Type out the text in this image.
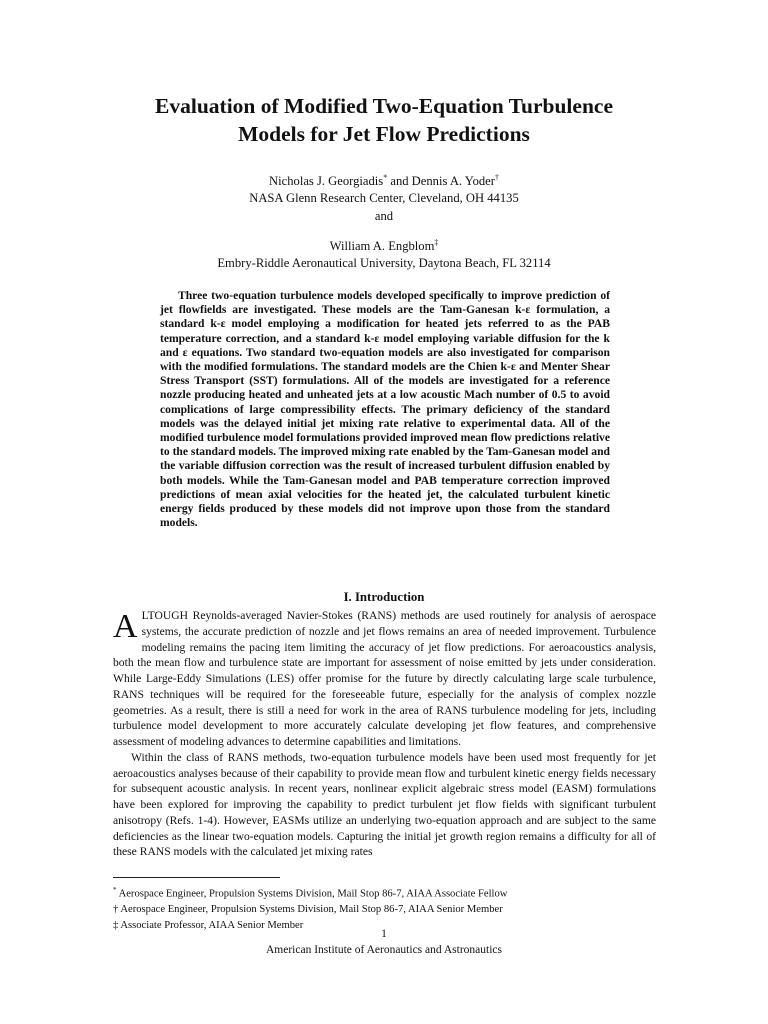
Evaluation of Modified Two-Equation Turbulence
Models for Jet Flow Predictions
Nicholas J. Georgiadis* and Dennis A. Yoder†
NASA Glenn Research Center, Cleveland, OH 44135
and
William A. Engblom‡
Embry-Riddle Aeronautical University, Daytona Beach, FL 32114
Three two-equation turbulence models developed specifically to improve prediction of jet flowfields are investigated. These models are the Tam-Ganesan k-ε formulation, a standard k-ε model employing a modification for heated jets referred to as the PAB temperature correction, and a standard k-ε model employing variable diffusion for the k and ε equations. Two standard two-equation models are also investigated for comparison with the modified formulations. The standard models are the Chien k-ε and Menter Shear Stress Transport (SST) formulations. All of the models are investigated for a reference nozzle producing heated and unheated jets at a low acoustic Mach number of 0.5 to avoid complications of large compressibility effects. The primary deficiency of the standard models was the delayed initial jet mixing rate relative to experimental data. All of the modified turbulence model formulations provided improved mean flow predictions relative to the standard models. The improved mixing rate enabled by the Tam-Ganesan model and the variable diffusion correction was the result of increased turbulent diffusion enabled by both models. While the Tam-Ganesan model and PAB temperature correction improved predictions of mean axial velocities for the heated jet, the calculated turbulent kinetic energy fields produced by these models did not improve upon those from the standard models.
I. Introduction

ALTOUGH Reynolds-averaged Navier-Stokes (RANS) methods are used routinely for analysis of aerospace systems, the accurate prediction of nozzle and jet flows remains an area of needed improvement. Turbulence modeling remains the pacing item limiting the accuracy of jet flow predictions. For aeroacoustics analysis, both the mean flow and turbulence state are important for assessment of noise emitted by jets under consideration. While Large-Eddy Simulations (LES) offer promise for the future by directly calculating large scale turbulence, RANS techniques will be required for the foreseeable future, especially for the analysis of complex nozzle geometries. As a result, there is still a need for work in the area of RANS turbulence modeling for jets, including turbulence model development to more accurately calculate developing jet flow features, and comprehensive assessment of modeling advances to determine capabilities and limitations.

Within the class of RANS methods, two-equation turbulence models have been used most frequently for jet aeroacoustics analyses because of their capability to provide mean flow and turbulent kinetic energy fields necessary for subsequent acoustic analysis. In recent years, nonlinear explicit algebraic stress model (EASM) formulations have been explored for improving the capability to predict turbulent jet flow fields with significant turbulent anisotropy (Refs. 1-4). However, EASMs utilize an underlying two-equation approach and are subject to the same deficiencies as the linear two-equation models. Capturing the initial jet growth region remains a difficulty for all of these RANS models with the calculated jet mixing rates

* Aerospace Engineer, Propulsion Systems Division, Mail Stop 86-7, AIAA Associate Fellow
† Aerospace Engineer, Propulsion Systems Division, Mail Stop 86-7, AIAA Senior Member
‡ Associate Professor, AIAA Senior Member
1
American Institute of Aeronautics and Astronautics
